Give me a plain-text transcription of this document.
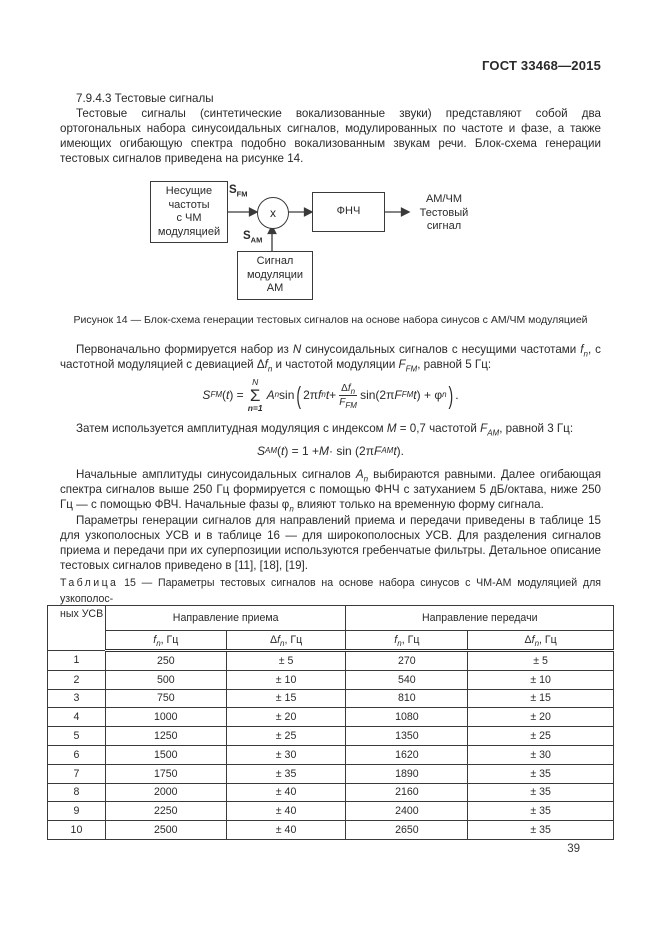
ГОСТ 33468—2015
7.9.4.3 Тестовые сигналы
Тестовые сигналы (синтетические вокализованные звуки) представляют собой два ортогональных набора синусоидальных сигналов, модулированных по частоте и фазе, а также имеющих огибающую спектра подобно вокализованным звукам речи. Блок-схема генерации тестовых сигналов приведена на рисунке 14.
Несущие
частоты
с ЧМ
модуляцией
$S_{FM}$
х
$S_{AM}$
ФНЧ
Сигнал
модуляции
АМ
АМ/ЧМ
Тестовый
сигнал
Рисунок 14 — Блок-схема генерации тестовых сигналов на основе набора синусов с АМ/ЧМ модуляцией
Первоначально формируется набор из N синусоидальных сигналов с несущими частотами $f_n$, с частотной модуляцией с девиацией $\Delta f_n$ и частотой модуляции $F_{FM}$, равной 5 Гц:
S FM ( t ) =
N
Σ
n=1
A n sin ( 2π f n $t + \frac{\Delta f_n}{F_{FM}} \sin(2\pi$ F FM t ) + φ n ) .
Затем используется амплитудная модуляция с индексом M = 0,7 частотой $F_{AM}$, равной 3 Гц:
S AM ( t ) = 1 + M · sin (2π F AM t ).
Начальные амплитуды синусоидальных сигналов $A_n$ выбираются равными. Далее огибающая спектра сигналов выше 250 Гц формируется с помощью ФНЧ с затуханием 5 дБ/октава, ниже 250 Гц — с помощью ФВЧ. Начальные фазы $\varphi_n$ влияют только на временную форму сигнала.
Параметры генерации сигналов для направлений приема и передачи приведены в таблице 15 для узкополосных УСВ и в таблице 16 — для широкополосных УСВ. Для разделения сигналов приема и передачи при их суперпозиции используются гребенчатые фильтры. Детальное описание тестовых сигналов приведено в [11], [18], [19].
Таблица 15 — Параметры тестовых сигналов на основе набора синусов с ЧМ-АМ модуляцией для узкополос-
ных УСВ
		Направление приема		Направление передачи	
	$f_n$, Гц	$\Delta f_n$, Гц	$f_n$, Гц	$\Delta f_n$, Гц
1	250	± 5	270	± 5
2	500	± 10	540	± 10
3	750	± 15	810	± 15
4	1000	± 20	1080	± 20
5	1250	± 25	1350	± 25
6	1500	± 30	1620	± 30
7	1750	± 35	1890	± 35
8	2000	± 40	2160	± 35
9	2250	± 40	2400	± 35
10	2500	± 40	2650	± 35
39
